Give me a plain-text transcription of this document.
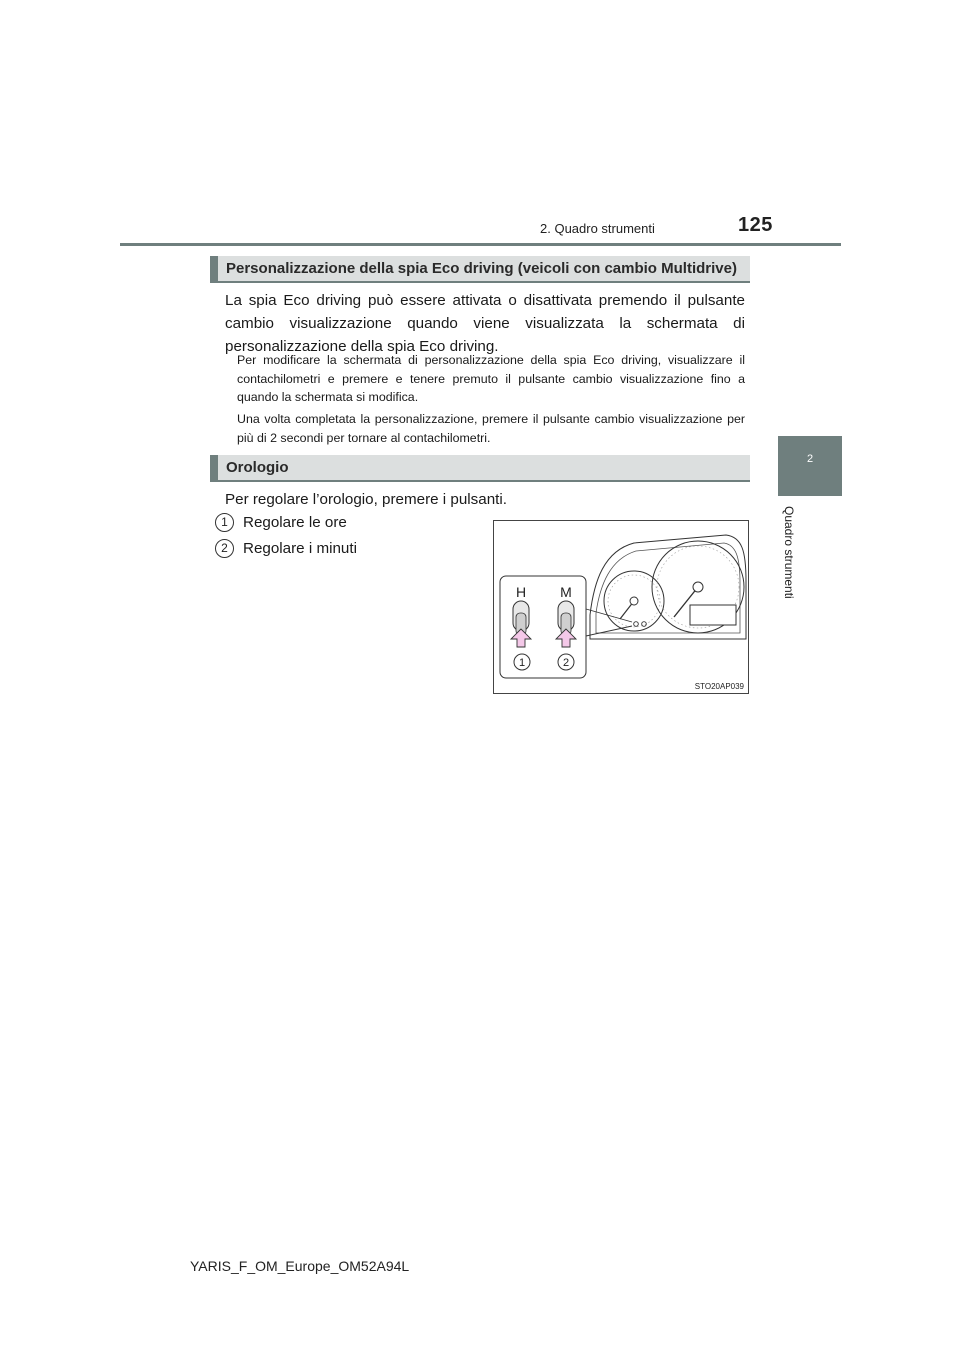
2. Quadro strumenti	125
2
Quadro strumenti
Personalizzazione della spia Eco driving (veicoli con cambio Multidrive)
La spia Eco driving può essere attivata o disattivata premendo il pulsante cambio visualizzazione quando viene visualizzata la schermata di personalizzazione della spia Eco driving.
Per modificare la schermata di personalizzazione della spia Eco driving, visualizzare il contachilometri e premere e tenere premuto il pulsante cambio visualizzazione fino a quando la schermata si modifica.
Una volta completata la personalizzazione, premere il pulsante cambio visualizzazione per più di 2 secondi per tornare al contachilometri.
Orologio
Per regolare l’orologio, premere i pulsanti.
1 Regolare le ore
2 Regolare i minuti
H M
1	2
STO20AP039
YARIS_F_OM_Europe_OM52A94L
